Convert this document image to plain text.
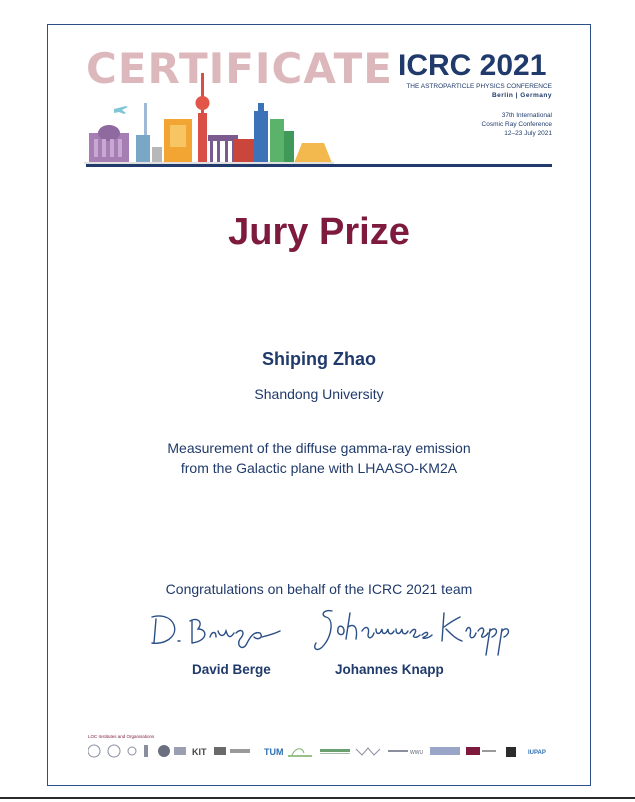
CERTIFICATE ICRC 2021
THE ASTROPARTICLE PHYSICS CONFERENCE
Berlin | Germany
37th International
Cosmic Ray Conference
12–23 July 2021
Jury Prize
Shiping Zhao
Shandong University
Measurement of the diffuse gamma-ray emission
from the Galactic plane with LHAASO-KM2A
Congratulations on behalf of the ICRC 2021 team
David Berge	Johannes Knapp
LOC Institutes and Organisations
KIT	TUM	WWU	IUPAP
